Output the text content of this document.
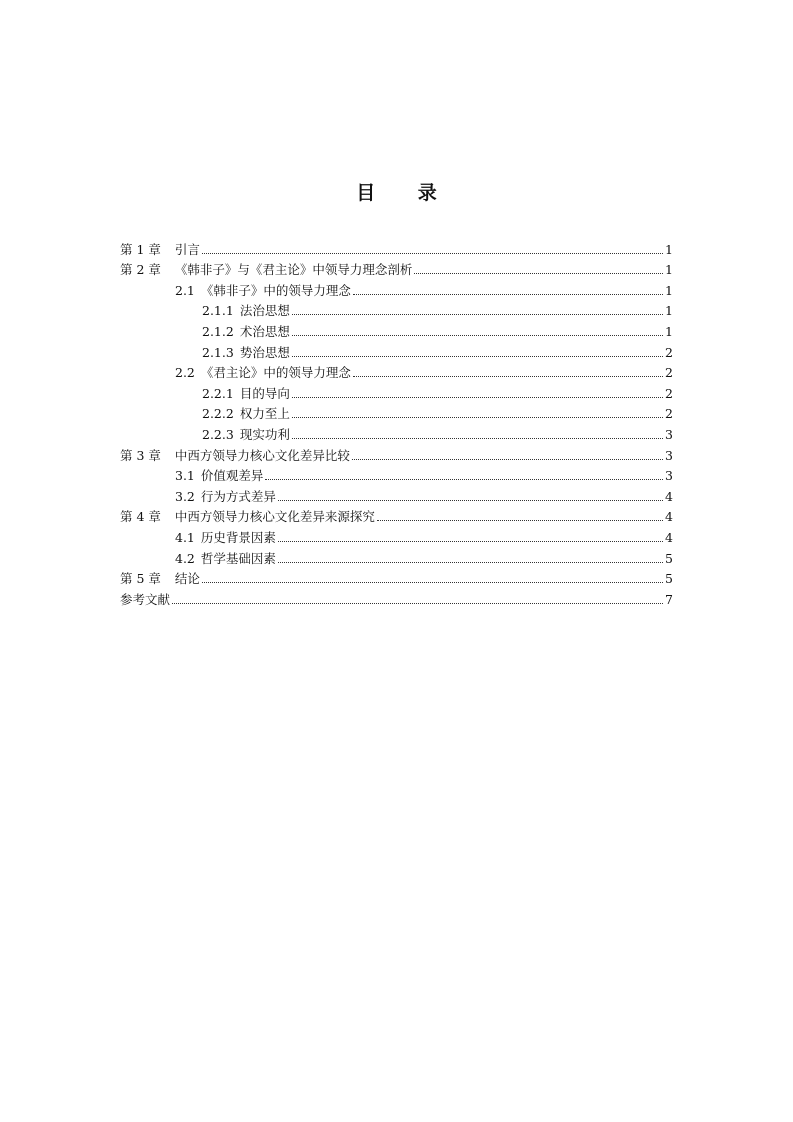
目 录
第 1 章 引言	1
第 2 章 《韩非子》与《君主论》中领导力理念剖析	1
2.1 《韩非子》中的领导力理念	1
2.1.1 法治思想	1
2.1.2 术治思想	1
2.1.3 势治思想	2
2.2 《君主论》中的领导力理念	2
2.2.1 目的导向	2
2.2.2 权力至上	2
2.2.3 现实功利	3
第 3 章 中西方领导力核心文化差异比较	3
3.1 价值观差异	3
3.2 行为方式差异	4
第 4 章 中西方领导力核心文化差异来源探究	4
4.1 历史背景因素	4
4.2 哲学基础因素	5
第 5 章 结论	5
参考文献	7
